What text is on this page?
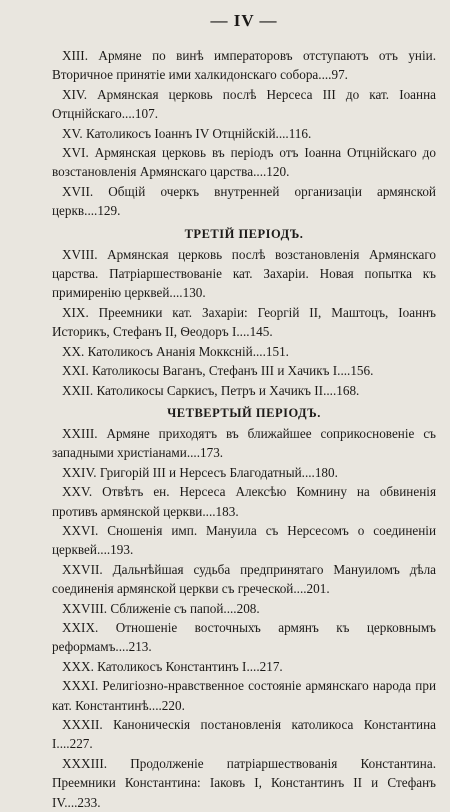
— IV —

XIII. Армяне по винѣ императоровъ отступаютъ отъ уніи. Вторичное принятіе ими халкидонскаго собора....97.

XIV. Армянская церковь послѣ Нерсеса III до кат. Іоанна Отцнійскаго....107.

XV. Католикосъ Іоаннъ IV Отцнійскій....116.

XVI. Армянская церковь въ періодъ отъ Іоанна Отцнійскаго до возстановленія Армянскаго царства....120.

XVII. Общій очеркъ внутренней организаціи армянской церкв....129.

ТРЕТІЙ ПЕРІОДЪ.

XVIII. Армянская церковь послѣ возстановленія Армянскаго царства. Патріаршествованіе кат. Захаріи. Новая попытка къ примиренію церквей....130.

XIX. Преемники кат. Захаріи: Георгій II, Маштоцъ, Іоаннъ Историкъ, Стефанъ II, Ѳеодоръ I....145.

XX. Католикосъ Ананія Мокксній....151.

XXI. Католикосы Ваганъ, Стефанъ III и Хачикъ I....156.

XXII. Католикосы Саркисъ, Петръ и Хачикъ II....168.

ЧЕТВЕРТЫЙ ПЕРІОДЪ.

XXIII. Армяне приходятъ въ ближайшее соприкосновеніе съ западными христіанами....173.

XXIV. Григорій III и Нерсесъ Благодатный....180.

XXV. Отвѣтъ ен. Нерсеса Алексѣю Комнину на обвиненія противъ армянской церкви....183.

XXVI. Сношенія имп. Мануила съ Нерсесомъ о соединеніи церквей....193.

XXVII. Дальнѣйшая судьба предпринятаго Мануиломъ дѣла соединенія армянской церкви съ греческой....201.

XXVIII. Сближеніе съ папой....208.

XXIX. Отношеніе восточныхъ армянъ къ церковнымъ реформамъ....213.

XXX. Католикосъ Константинъ I....217.

XXXI. Религіозно-нравственное состояніе армянскаго народа при кат. Константинѣ....220.

XXXII. Каноническія постановленія католикоса Константина I....227.

XXXIII. Продолженіе патріаршествованія Константина. Преемники Константина: Іаковъ I, Константинъ II и Стефанъ IV....233.
